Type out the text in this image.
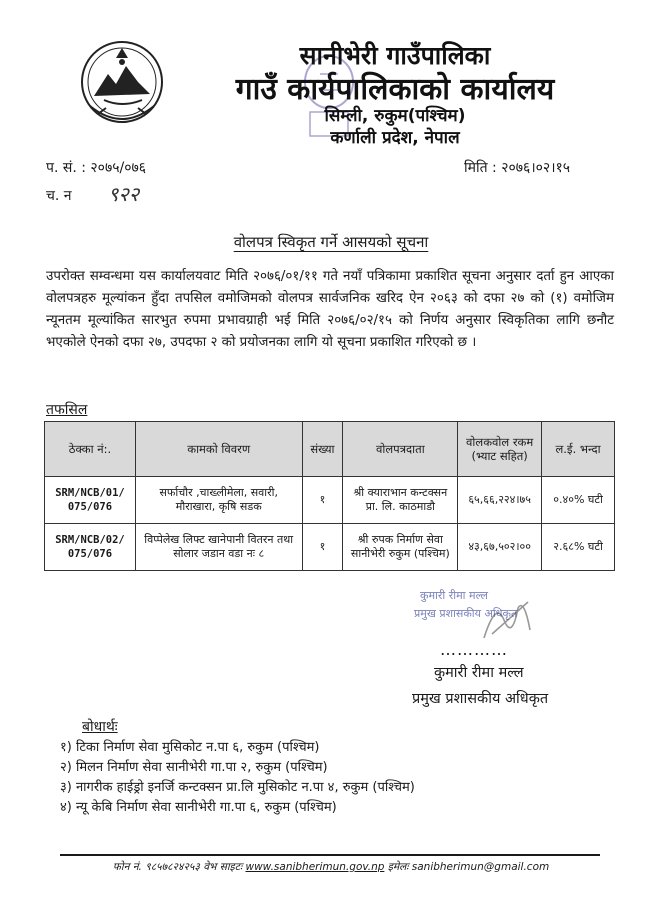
सानीभेरी गाउँपालिका
गाउँ कार्यपालिकाको कार्यालय
सिम्ली, रुकुम(पश्चिम)
कर्णाली प्रदेश, नेपाल
प. सं. : २०७५/०७६	मिति : २०७६।०२।१५
च. न ९२२
वोलपत्र स्विकृत गर्ने आसयको सूचना
उपरोक्त सम्वन्धमा यस कार्यालयवाट मिति २०७६/०१/११ गते नयाँ पत्रिकामा प्रकाशित सूचना अनुसार दर्ता हुन आएका वोलपत्रहरु मूल्यांकन हुँदा तपसिल वमोजिमको वोलपत्र सार्वजनिक खरिद ऐन २०६३ को दफा २७ को (१) वमोजिम न्यूनतम मूल्यांकित सारभुत रुपमा प्रभावग्राही भई मिति २०७६/०२/१५ को निर्णय अनुसार स्विकृतिका लागि छनौट भएकोले ऐनको दफा २७, उपदफा २ को प्रयोजनका लागि यो सूचना प्रकाशित गरिएको छ ।
तफसिल
ठेक्का नं:.	कामको विवरण	संख्या	वोलपत्रदाता	वोलकवोल रकम (भ्याट सहित)	ल.ई. भन्दा
SRM/NCB/01/ 075/076	सर्फाचौर ,चाख्लीमेला, सवारी, मौराखारा, कृषि सडक	१	श्री क्याराभान कन्टक्सन प्रा. लि. काठमाडौ	६५,६६,२२४।७५	०.४०% घटी
SRM/NCB/02/ 075/076	विप्पेलेख लिफ्ट खानेपानी वितरन तथा सोलार जडान वडा नः ८	१	श्री रुपक निर्माण सेवा सानीभेरी रुकुम (पश्चिम)	४३,६७,५०२।००	२.६८% घटी
कुमारी रीमा मल्ल
प्रमुख प्रशासकीय अधिकृत
…………
कुमारी रीमा मल्ल
प्रमुख प्रशासकीय अधिकृत
बोधार्थः
१) टिका निर्माण सेवा मुसिकोट न.पा ६, रुकुम (पश्चिम)
२) मिलन निर्माण सेवा सानीभेरी गा.पा २, रुकुम (पश्चिम)
३) नागरीक हाईड्रो इनर्जि कन्टक्सन प्रा.लि मुसिकोट न.पा ४, रुकुम (पश्चिम)
४) न्यू केबि निर्माण सेवा सानीभेरी गा.पा ६, रुकुम (पश्चिम)
फोन नं. ९८५७८२४२५३ वेभ साइटः www.sanibherimun.gov.np इमेलः sanibherimun@gmail.com
